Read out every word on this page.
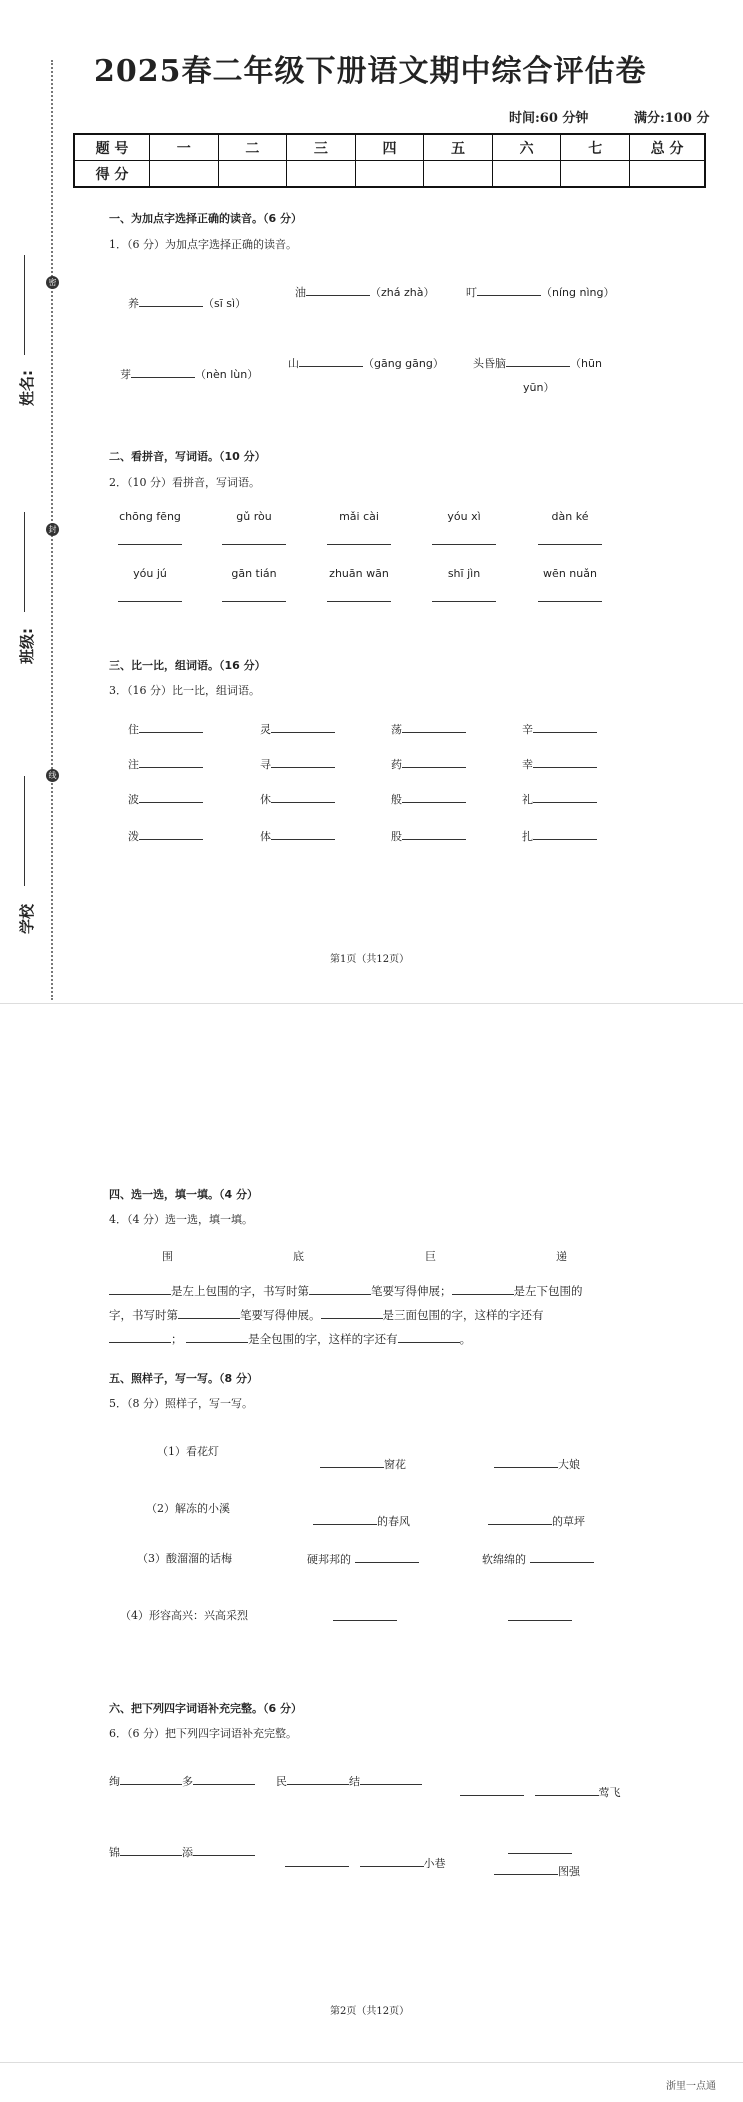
姓名:
密
班级:
封
学校
线
2025春二年级下册语文期中综合评估卷
时间:60 分钟	满分:100 分
题 号	一	二	三	四	五	六	七	总 分
得 分								
一、为加点字选择正确的读音。（6 分）
1．（6 分）为加点字选择正确的读音。
养	（sī sì）
油	（zhá zhà）	叮	（níng nìng）
芽	（nèn lùn）
山	（gāng gāng）	头昏脑	（hūn
yūn）
二、看拼音，写词语。（10 分）
2．（10 分）看拼音，写词语。
chōng fēng	gǔ ròu	mǎi cài	yóu xì	dàn ké
yóu jú	gān tián	zhuān wān	shī jìn	wēn nuǎn
三、比一比，组词语。（16 分）
3．（16 分）比一比，组词语。
住	灵	荡	辛
注	寻	药	幸
波	休	般	礼
泼	体	股	扎
第1页（共12页）
四、选一选，填一填。（4 分）
4．（4 分）选一选，填一填。
围	底	巨	递
是左上包围的字，书写时第	笔要写得伸展；	是左下包围的
字，书写时第	笔要写得伸展。	是三面包围的字，这样的字还有
；	是全包围的字，这样的字还有	。
五、照样子，写一写。（8 分）
5．（8 分）照样子，写一写。
（1）看花灯
窗花	大娘
（2）解冻的小溪
的春风	的草坪
（3）酸溜溜的话梅	硬邦邦的	软绵绵的
（4）形容高兴：兴高采烈
六、把下列四字词语补充完整。（6 分）
6．（6 分）把下列四字词语补充完整。
绚	多	民	结
莺飞
锦	添
小巷
图强
第2页（共12页）
浙里一点通
